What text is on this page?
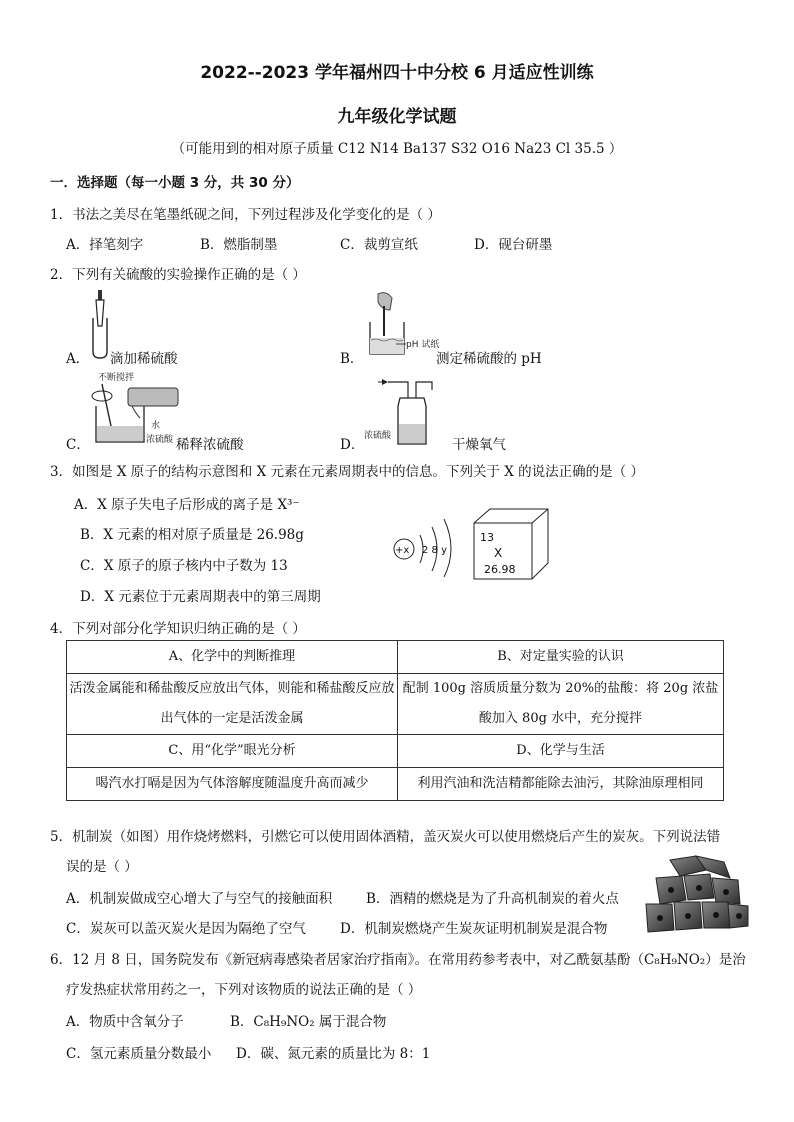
2022--2023 学年福州四十中分校 6 月适应性训练
九年级化学试题
（可能用到的相对原子质量 C12 N14 Ba137 S32 O16 Na23 Cl 35.5 ）
一．选择题（每一小题 3 分，共 30 分）
1．书法之美尽在笔墨纸砚之间，下列过程涉及化学变化的是（ ）
A．择笔刻字	B．燃脂制墨	C．裁剪宣纸	D．砚台研墨
2．下列有关硫酸的实验操作正确的是（ ）
A． 滴加稀硫酸
pH 试纸
B．	测定稀硫酸的 pH
不断搅拌
水
浓硫酸
C．	稀释浓硫酸
浓硫酸
D．	干燥氧气
3．如图是 X 原子的结构示意图和 X 元素在元素周期表中的信息。下列关于 X 的说法正确的是（ ）
A．X 原子失电子后形成的离子是 X³⁻
B．X 元素的相对原子质量是 26.98g
C．X 原子的原子核内中子数为 13
D．X 元素位于元素周期表中的第三周期
+x 2 8 y
13
X
26.98
4．下列对部分化学知识归纳正确的是（ ）
A、化学中的判断推理	B、对定量实验的认识
活泼金属能和稀盐酸反应放出气体，则能和稀盐酸反应放出气体的一定是活泼金属	配制 100g 溶质质量分数为 20%的盐酸：将 20g 浓盐酸加入 80g 水中，充分搅拌
C、用“化学”眼光分析	D、化学与生活
喝汽水打嗝是因为气体溶解度随温度升高而减少	利用汽油和洗洁精都能除去油污，其除油原理相同
5．机制炭（如图）用作烧烤燃料，引燃它可以使用固体酒精，盖灭炭火可以使用燃烧后产生的炭灰。下列说法错
误的是（ ）
A．机制炭做成空心增大了与空气的接触面积	B．酒精的燃烧是为了升高机制炭的着火点
C．炭灰可以盖灭炭火是因为隔绝了空气	D．机制炭燃烧产生炭灰证明机制炭是混合物
6．12 月 8 日，国务院发布《新冠病毒感染者居家治疗指南》。在常用药参考表中，对乙酰氨基酚（C₈H₉NO₂）是治
疗发热症状常用药之一，下列对该物质的说法正确的是（ ）
A．物质中含氧分子	B．C₈H₉NO₂ 属于混合物
C．氢元素质量分数最小 D．碳、氮元素的质量比为 8：1
